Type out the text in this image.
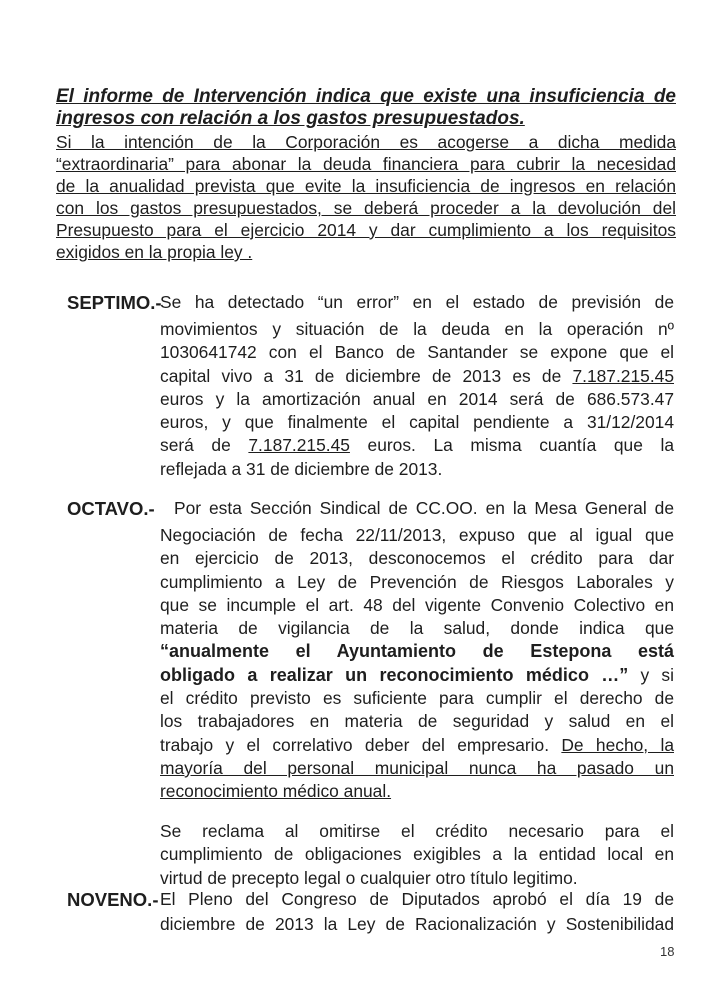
El informe de Intervención indica que existe una insuficiencia de ingresos con relación a los gastos presupuestados.
Si la intención de la Corporación es acogerse a dicha medida
“extraordinaria” para abonar la deuda financiera para cubrir la necesidad
de la anualidad prevista que evite la insuficiencia de ingresos en relación
con los gastos presupuestados, se deberá proceder a la devolución del
Presupuesto para el ejercicio 2014 y dar cumplimiento a los requisitos
exigidos en la propia ley .
SEPTIMO.-
Se ha detectado “un error” en el estado de previsión de
movimientos y situación de la deuda en la operación nº
1030641742 con el Banco de Santander se expone que el
capital vivo a 31 de diciembre de 2013 es de 7.187.215.45
euros y la amortización anual en 2014 será de 686.573.47
euros, y que finalmente el capital pendiente a 31/12/2014
será de 7.187.215.45 euros. La misma cuantía que la
reflejada a 31 de diciembre de 2013.
OCTAVO.- Por esta Sección Sindical de CC.OO. en la Mesa General de
Negociación de fecha 22/11/2013, expuso que al igual que
en ejercicio de 2013, desconocemos el crédito para dar
cumplimiento a Ley de Prevención de Riesgos Laborales y
que se incumple el art. 48 del vigente Convenio Colectivo en
materia de vigilancia de la salud, donde indica que
“anualmente el Ayuntamiento de Estepona está
obligado a realizar un reconocimiento médico …” y si
el crédito previsto es suficiente para cumplir el derecho de
los trabajadores en materia de seguridad y salud en el
trabajo y el correlativo deber del empresario. De hecho, la
mayoría del personal municipal nunca ha pasado un
reconocimiento médico anual.
Se reclama al omitirse el crédito necesario para el
cumplimiento de obligaciones exigibles a la entidad local en
virtud de precepto legal o cualquier otro título legitimo.
NOVENO.- El Pleno del Congreso de Diputados aprobó el día 19 de
diciembre de 2013 la Ley de Racionalización y Sostenibilidad
18
